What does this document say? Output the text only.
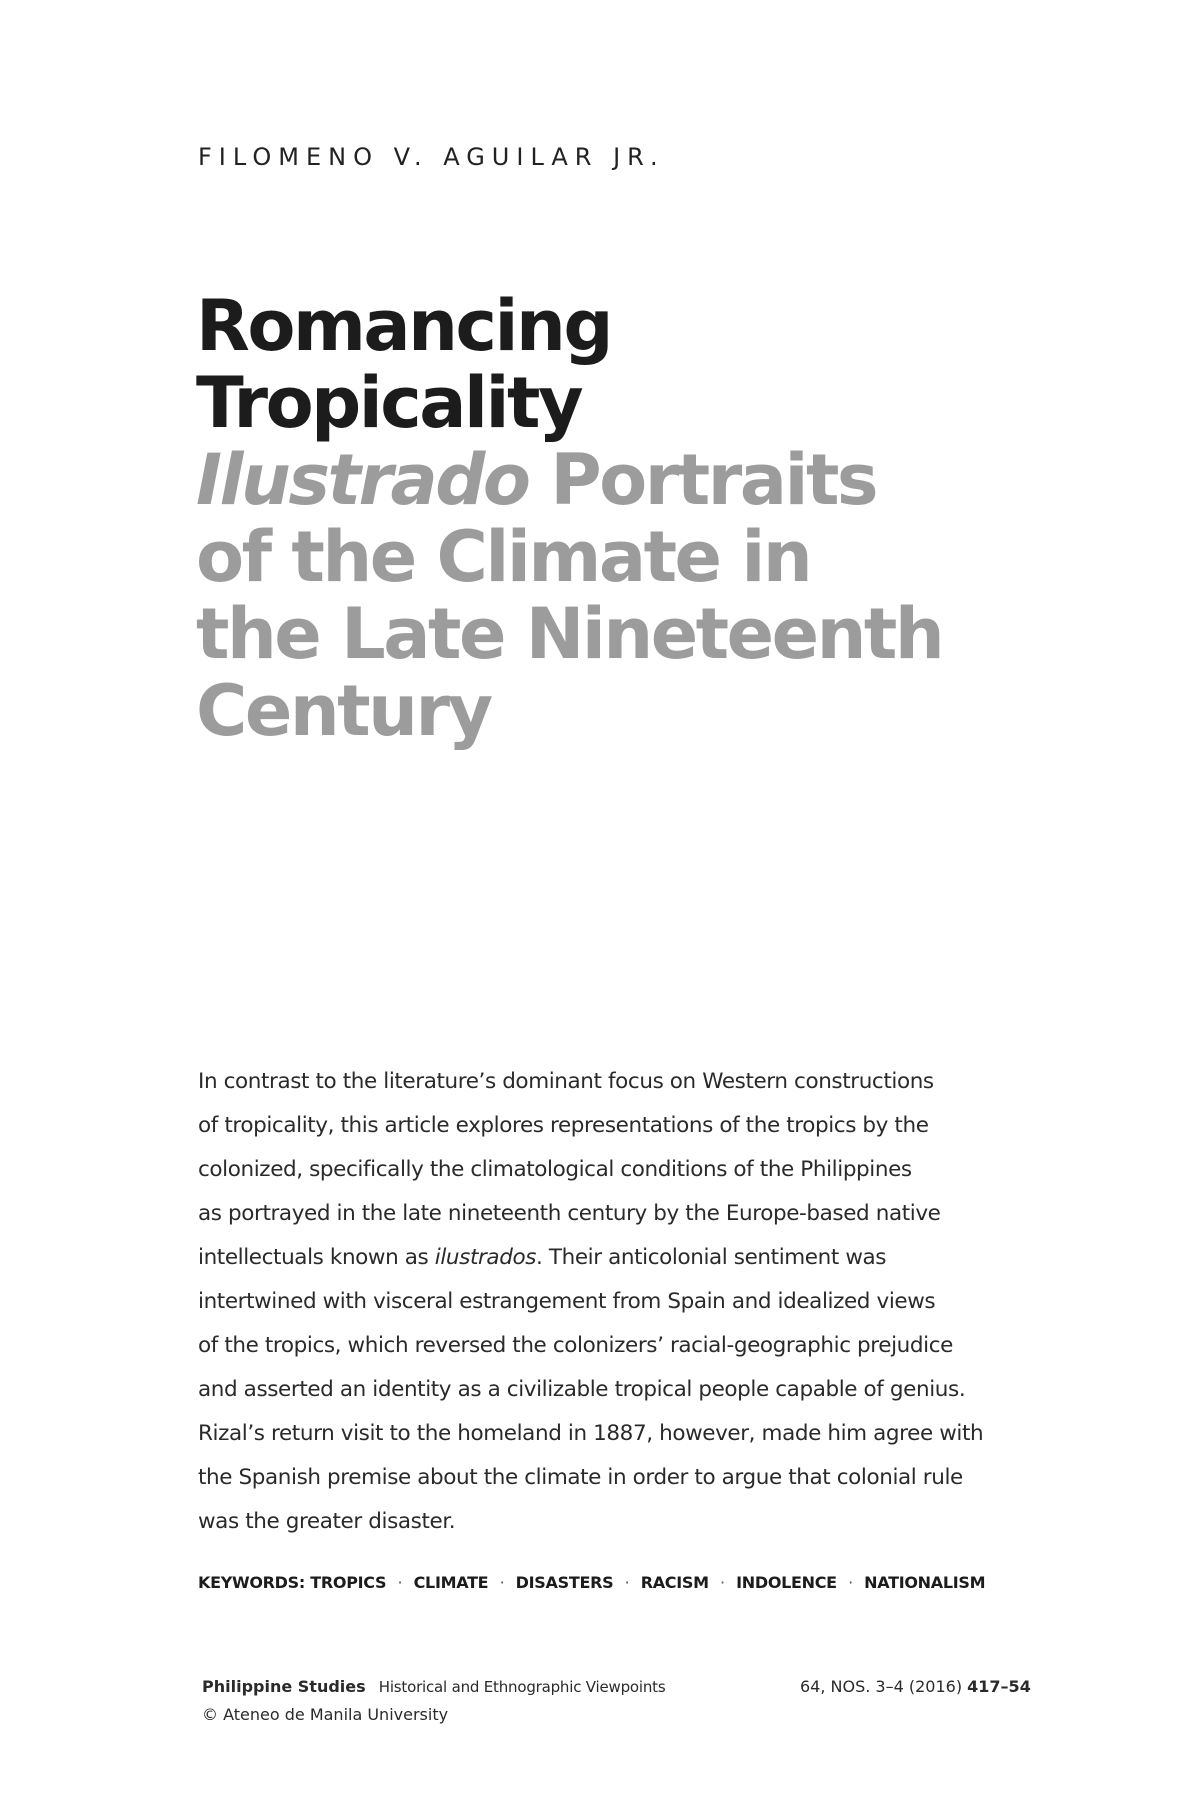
FILOMENO V. AGUILAR JR.
Romancing
Tropicality
Ilustrado Portraits
of the Climate in
the Late Nineteenth
Century

In contrast to the literature’s dominant focus on Western constructions
of tropicality, this article explores representations of the tropics by the
colonized, specifically the climatological conditions of the Philippines
as portrayed in the late nineteenth century by the Europe-based native
intellectuals known as ilustrados. Their anticolonial sentiment was
intertwined with visceral estrangement from Spain and idealized views
of the tropics, which reversed the colonizers’ racial-geographic prejudice
and asserted an identity as a civilizable tropical people capable of genius.
Rizal’s return visit to the homeland in 1887, however, made him agree with
the Spanish premise about the climate in order to argue that colonial rule
was the greater disaster.

KEYWORDS: TROPICS · CLIMATE · DISASTERS · RACISM · INDOLENCE · NATIONALISM
Philippine Studies Historical and Ethnographic Viewpoints
© Ateneo de Manila University
64, NOS. 3–4 (2016) 417–54
